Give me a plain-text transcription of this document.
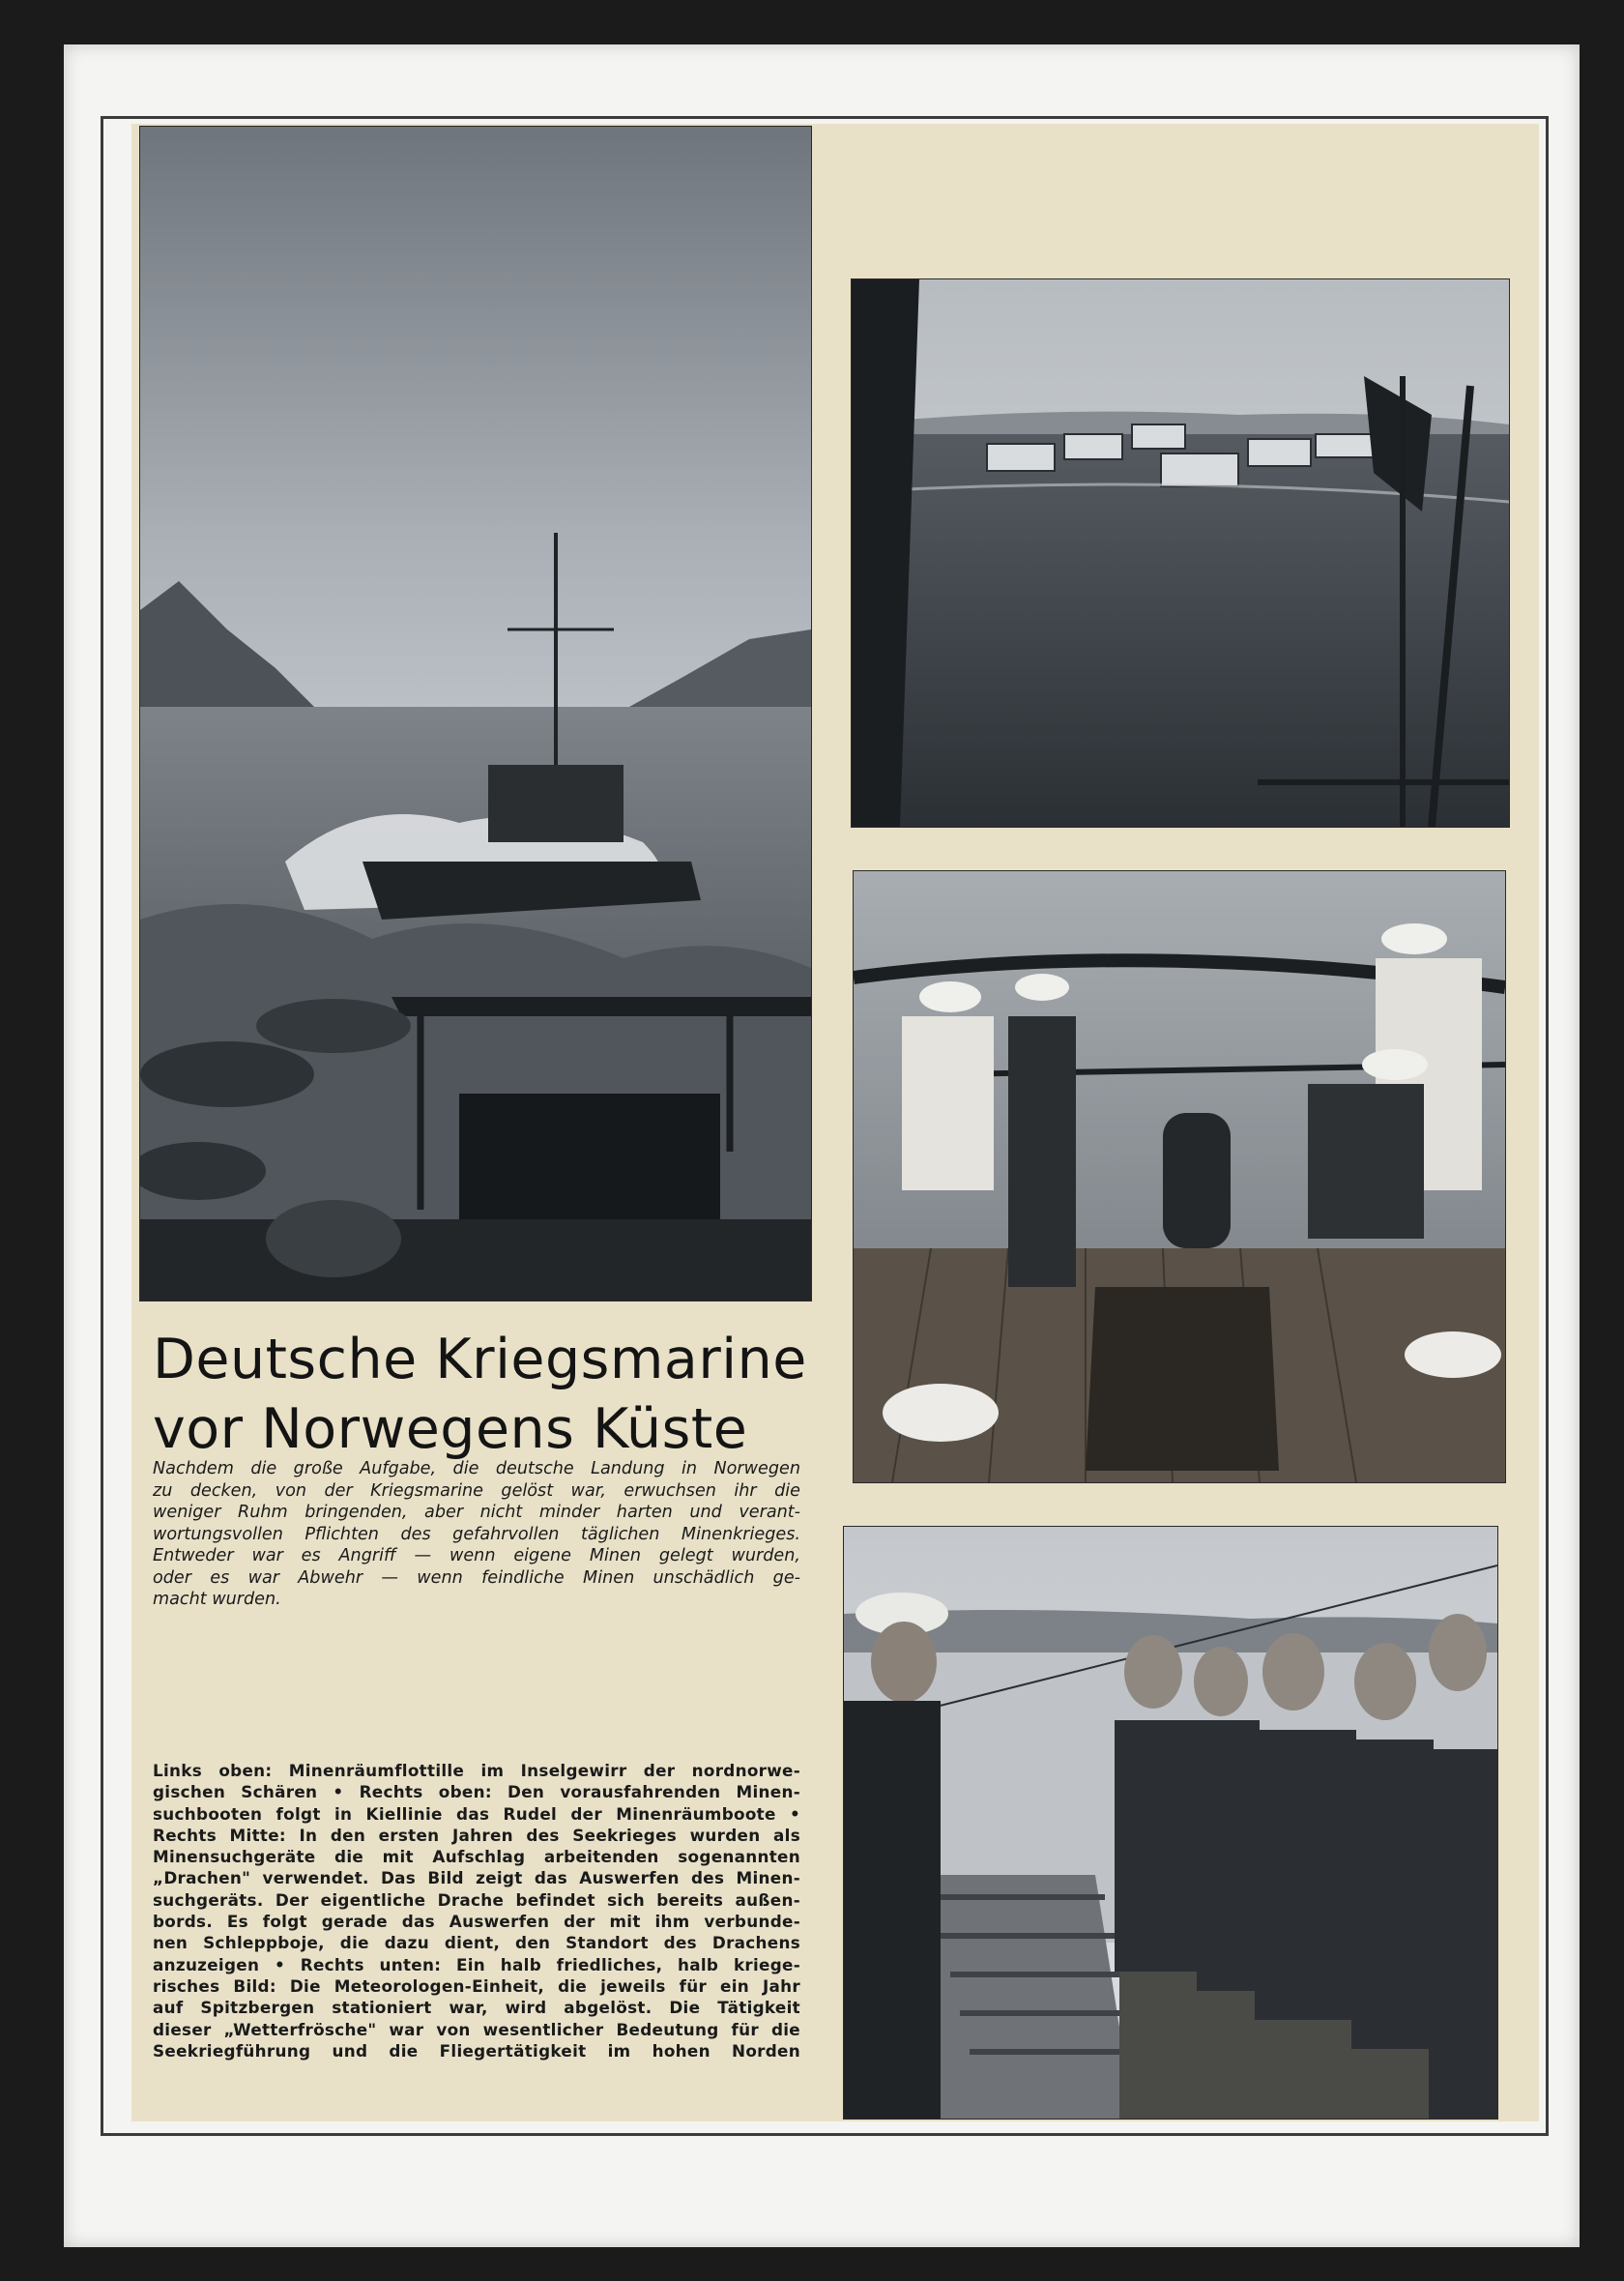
Deutsche Kriegsmarine
vor Norwegens Küste
Nachdem die große Aufgabe, die deutsche Landung in Norwegen
zu decken, von der Kriegsmarine gelöst war, erwuchsen ihr die
weniger Ruhm bringenden, aber nicht minder harten und verant-
wortungsvollen Pflichten des gefahrvollen täglichen Minenkrieges.
Entweder war es Angriff — wenn eigene Minen gelegt wurden,
oder es war Abwehr — wenn feindliche Minen unschädlich ge-
macht wurden.
Links oben: Minenräumflottille im Inselgewirr der nordnorwe-
gischen Schären • Rechts oben: Den vorausfahrenden Minen-
suchbooten folgt in Kiellinie das Rudel der Minenräumboote •
Rechts Mitte: In den ersten Jahren des Seekrieges wurden als
Minensuchgeräte die mit Aufschlag arbeitenden sogenannten
„Drachen" verwendet. Das Bild zeigt das Auswerfen des Minen-
suchgeräts. Der eigentliche Drache befindet sich bereits außen-
bords. Es folgt gerade das Auswerfen der mit ihm verbunde-
nen Schleppboje, die dazu dient, den Standort des Drachens
anzuzeigen • Rechts unten: Ein halb friedliches, halb kriege-
risches Bild: Die Meteorologen-Einheit, die jeweils für ein Jahr
auf Spitzbergen stationiert war, wird abgelöst. Die Tätigkeit
dieser „Wetterfrösche" war von wesentlicher Bedeutung für die
Seekriegführung und die Fliegertätigkeit im hohen Norden
